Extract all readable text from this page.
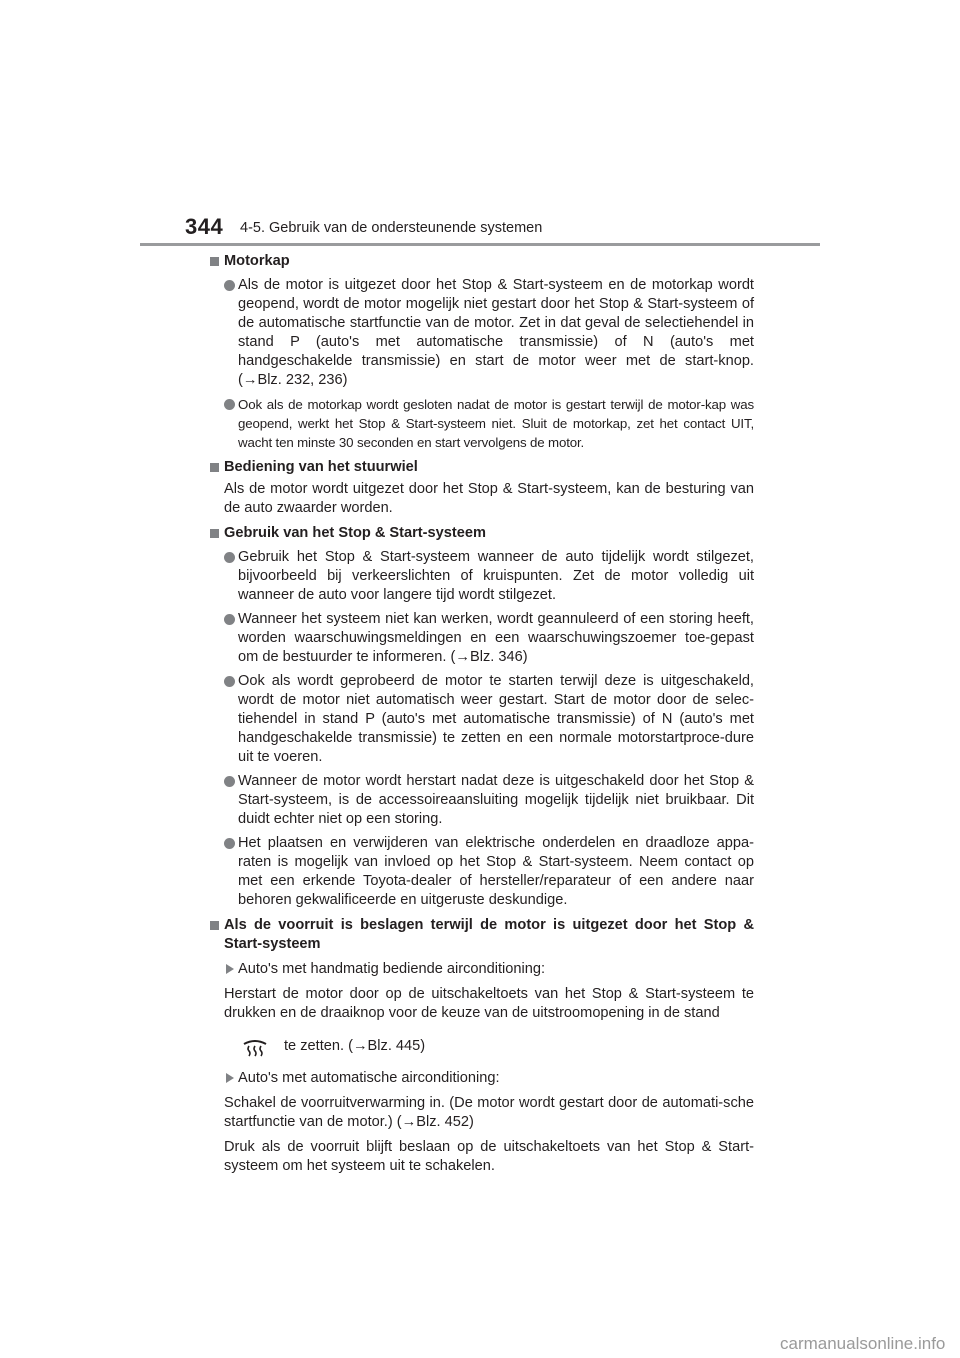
344 4-5. Gebruik van de ondersteunende systemen
Motorkap
Als de motor is uitgezet door het Stop & Start-systeem en de motorkap wordt geopend, wordt de motor mogelijk niet gestart door het Stop & Start-systeem of de automatische startfunctie van de motor. Zet in dat geval de selectiehendel in stand P (auto's met automatische transmissie) of N (auto's met handgeschakelde transmissie) en start de motor weer met de start-knop. (→Blz. 232, 236)
Ook als de motorkap wordt gesloten nadat de motor is gestart terwijl de motor-kap was geopend, werkt het Stop & Start-systeem niet. Sluit de motorkap, zet het contact UIT, wacht ten minste 30 seconden en start vervolgens de motor.
Bediening van het stuurwiel
Als de motor wordt uitgezet door het Stop & Start-systeem, kan de besturing van de auto zwaarder worden.
Gebruik van het Stop & Start-systeem
Gebruik het Stop & Start-systeem wanneer de auto tijdelijk wordt stilgezet, bijvoorbeeld bij verkeerslichten of kruispunten. Zet de motor volledig uit wanneer de auto voor langere tijd wordt stilgezet.
Wanneer het systeem niet kan werken, wordt geannuleerd of een storing heeft, worden waarschuwingsmeldingen en een waarschuwingszoemer toe-gepast om de bestuurder te informeren. (→Blz. 346)
Ook als wordt geprobeerd de motor te starten terwijl deze is uitgeschakeld, wordt de motor niet automatisch weer gestart. Start de motor door de selec-tiehendel in stand P (auto's met automatische transmissie) of N (auto's met handgeschakelde transmissie) te zetten en een normale motorstartproce-dure uit te voeren.
Wanneer de motor wordt herstart nadat deze is uitgeschakeld door het Stop & Start-systeem, is de accessoireaansluiting mogelijk tijdelijk niet bruikbaar. Dit duidt echter niet op een storing.
Het plaatsen en verwijderen van elektrische onderdelen en draadloze appa-raten is mogelijk van invloed op het Stop & Start-systeem. Neem contact op met een erkende Toyota-dealer of hersteller/reparateur of een andere naar behoren gekwalificeerde en uitgeruste deskundige.
Als de voorruit is beslagen terwijl de motor is uitgezet door het Stop & Start-systeem
Auto's met handmatig bediende airconditioning:
Herstart de motor door op de uitschakeltoets van het Stop & Start-systeem te drukken en de draaiknop voor de keuze van de uitstroomopening in de stand
te zetten. (→Blz. 445)
Auto's met automatische airconditioning:
Schakel de voorruitverwarming in. (De motor wordt gestart door de automati-sche startfunctie van de motor.) (→Blz. 452)
Druk als de voorruit blijft beslaan op de uitschakeltoets van het Stop & Start-systeem om het systeem uit te schakelen.
carmanualsonline.info
